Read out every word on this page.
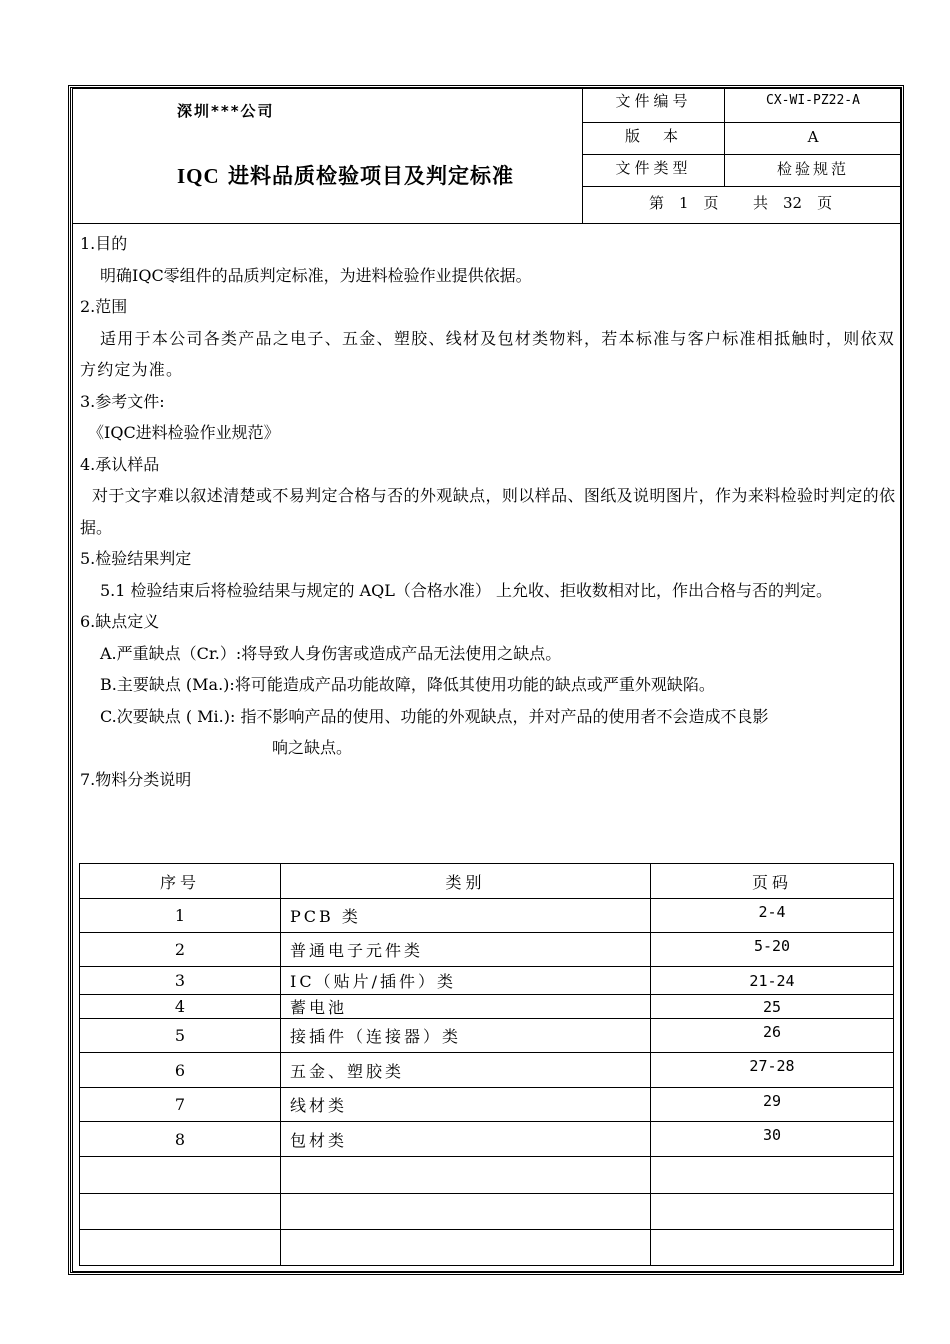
深圳***公司
IQC 进料品质检验项目及判定标准
文件编号	CX-WI-PZ22-A
版　本	A
文件类型	检验规范
第　1　页 共　32　页

1.目的

明确IQC零组件的品质判定标准，为进料检验作业提供依据。

2.范围

适用于本公司各类产品之电子、五金、塑胶、线材及包材类物料，若本标准与客户标准相抵触时，则依双方约定为准。

3.参考文件:

《IQC进料检验作业规范》

4.承认样品

对于文字难以叙述清楚或不易判定合格与否的外观缺点，则以样品、图纸及说明图片，作为来料检验时判定的依据。

5.检验结果判定

5.1 检验结束后将检验结果与规定的 AQL（合格水准） 上允收、拒收数相对比，作出合格与否的判定。

6.缺点定义

A.严重缺点（Cr.）:将导致人身伤害或造成产品无法使用之缺点。

B.主要缺点 (Ma.):将可能造成产品功能故障，降低其使用功能的缺点或严重外观缺陷。

C.次要缺点 ( Mi.): 指不影响产品的使用、功能的外观缺点，并对产品的使用者不会造成不良影

响之缺点。

7.物料分类说明

序号	类别	页码
1	PCB 类	2-4

2	普通电子元件类	5-20

3	IC（贴片/插件）类	21-24
4	蓄电池	25
5	接插件（连接器）类	26

6	五金、塑胶类	27-28

7	线材类	29

8	包材类	30
